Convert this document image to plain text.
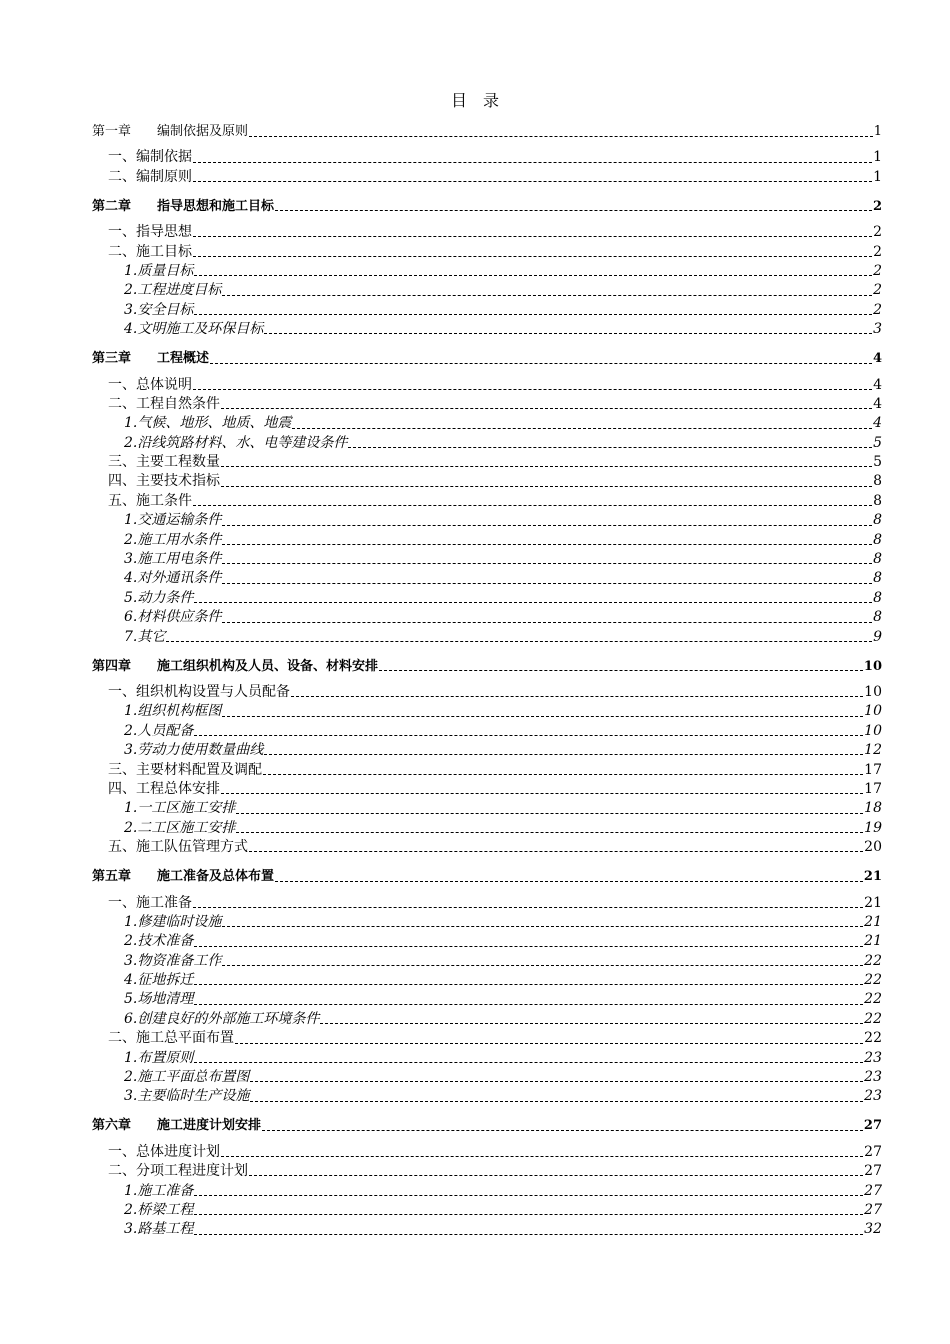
目　录
第一章 编制依据及原则	1
一、编制依据	1
二、编制原则	1
第二章 指导思想和施工目标	2
一、指导思想	2
二、施工目标	2
1.质量目标	2
2.工程进度目标	2
3.安全目标	2
4.文明施工及环保目标	3
第三章 工程概述	4
一、总体说明	4
二、工程自然条件	4
1.气候、地形、地质、地震	4
2.沿线筑路材料、水、电等建设条件	5
三、主要工程数量	5
四、主要技术指标	8
五、施工条件	8
1.交通运输条件	8
2.施工用水条件	8
3.施工用电条件	8
4.对外通讯条件	8
5.动力条件	8
6.材料供应条件	8
7.其它	9
第四章 施工组织机构及人员、设备、材料安排	10
一、组织机构设置与人员配备	10
1.组织机构框图	10
2.人员配备	10
3.劳动力使用数量曲线	12
三、主要材料配置及调配	17
四、工程总体安排	17
1.一工区施工安排	18
2.二工区施工安排	19
五、施工队伍管理方式	20
第五章 施工准备及总体布置	21
一、施工准备	21
1.修建临时设施	21
2.技术准备	21
3.物资准备工作	22
4.征地拆迁	22
5.场地清理	22
6.创建良好的外部施工环境条件	22
二、施工总平面布置	22
1.布置原则	23
2.施工平面总布置图	23
3.主要临时生产设施	23
第六章 施工进度计划安排	27
一、总体进度计划	27
二、分项工程进度计划	27
1.施工准备	27
2.桥梁工程	27
3.路基工程	32
